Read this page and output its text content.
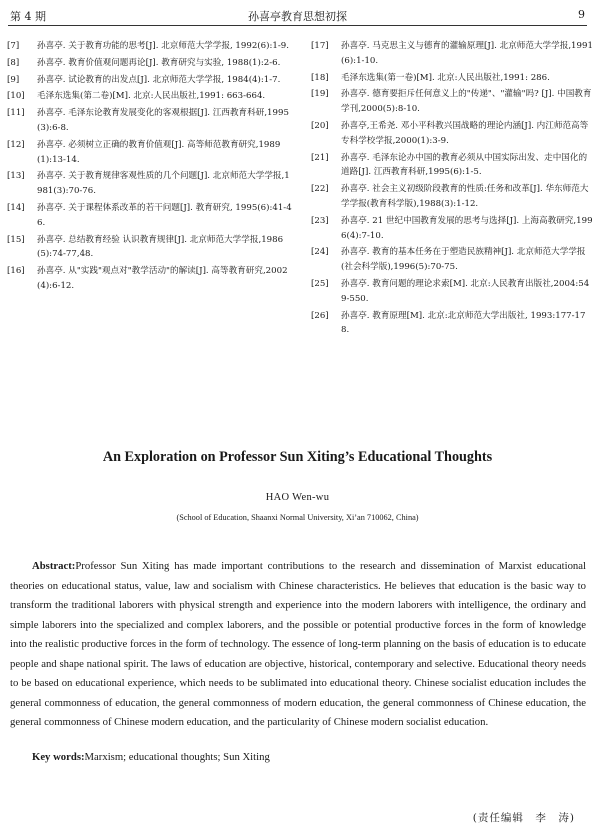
第 4 期	孙喜亭教育思想初探	9
[7]	孙喜亭. 关于教育功能的思考[J]. 北京师范大学学报, 1992(6):1-9.
[8]	孙喜亭. 教育价值观问题再论[J]. 教育研究与实验, 1988(1):2-6.
[9]	孙喜亭. 试论教育的出发点[J]. 北京师范大学学报, 1984(4):1-7.
[10]	毛泽东选集(第二卷)[M]. 北京:人民出版社,1991: 663-664.
[11]	孙喜亭. 毛泽东论教育发展变化的客观根据[J]. 江西教育科研,1995(3):6-8.
[12]	孙喜亭. 必须树立正确的教育价值观[J]. 高等师范教育研究,1989(1):13-14.
[13]	孙喜亭. 关于教育规律客观性质的几个问题[J]. 北京师范大学学报,1981(3):70-76.
[14]	孙喜亭. 关于课程体系改革的若干问题[J]. 教育研究, 1995(6):41-46.
[15]	孙喜亭. 总结教育经验 认识教育规律[J]. 北京师范大学学报,1986(5):74-77,48.
[16]	孙喜亭. 从"实践"观点对"教学活动"的解读[J]. 高等教育研究,2002(4):6-12.
[17]	孙喜亭. 马克思主义与德育的灌输原理[J]. 北京师范大学学报,1991(6):1-10.
[18]	毛泽东选集(第一卷)[M]. 北京:人民出版社,1991: 286.
[19]	孙喜亭. 德育要拒斥任何意义上的"传递"、"灌输"吗? [J]. 中国教育学刊,2000(5):8-10.
[20]	孙喜亭,王希尧. 邓小平科教兴国战略的理论内涵[J]. 内江师范高等专科学校学报,2000(1):3-9.
[21]	孙喜亭. 毛泽东论办中国的教育必须从中国实际出发、走中国化的道路[J]. 江西教育科研,1995(6):1-5.
[22]	孙喜亭. 社会主义初级阶段教育的性质:任务和改革[J]. 华东师范大学学报(教育科学版),1988(3):1-12.
[23]	孙喜亭. 21 世纪中国教育发展的思考与选择[J]. 上海高教研究,1996(4):7-10.
[24]	孙喜亭. 教育的基本任务在于塑造民族精神[J]. 北京师范大学学报(社会科学版),1996(5):70-75.
[25]	孙喜亭. 教育问题的理论求索[M]. 北京:人民教育出版社,2004:549-550.
[26]	孙喜亭. 教育原理[M]. 北京:北京师范大学出版社, 1993:177-178.
An Exploration on Professor Sun Xiting’s Educational Thoughts
HAO Wen-wu
(School of Education, Shaanxi Normal University, Xi’an 710062, China)

Abstract:Professor Sun Xiting has made important contributions to the research and dissemination of Marxist educational theories on educational status, value, law and socialism with Chinese characteristics. He believes that education is the basic way to transform the traditional laborers with physical strength and experience into the modern laborers with intelligence, the ordinary and simple laborers into the specialized and complex laborers, and the possible or potential productive forces in the form of knowledge into the realistic productive forces in the form of technology. The essence of long-term planning on the basis of education is to educate people and shape national spirit. The laws of education are objective, historical, contemporary and selective. Educational theory needs to be based on educational experience, which needs to be sublimated into educational theory. Chinese socialist education includes the general commonness of education, the general commonness of modern education, the general commonness of Chinese education, the general commonness of Chinese modern education, and the particularity of Chinese modern socialist education.

Key words:Marxism; educational thoughts; Sun Xiting
(责任编辑　李　涛)
